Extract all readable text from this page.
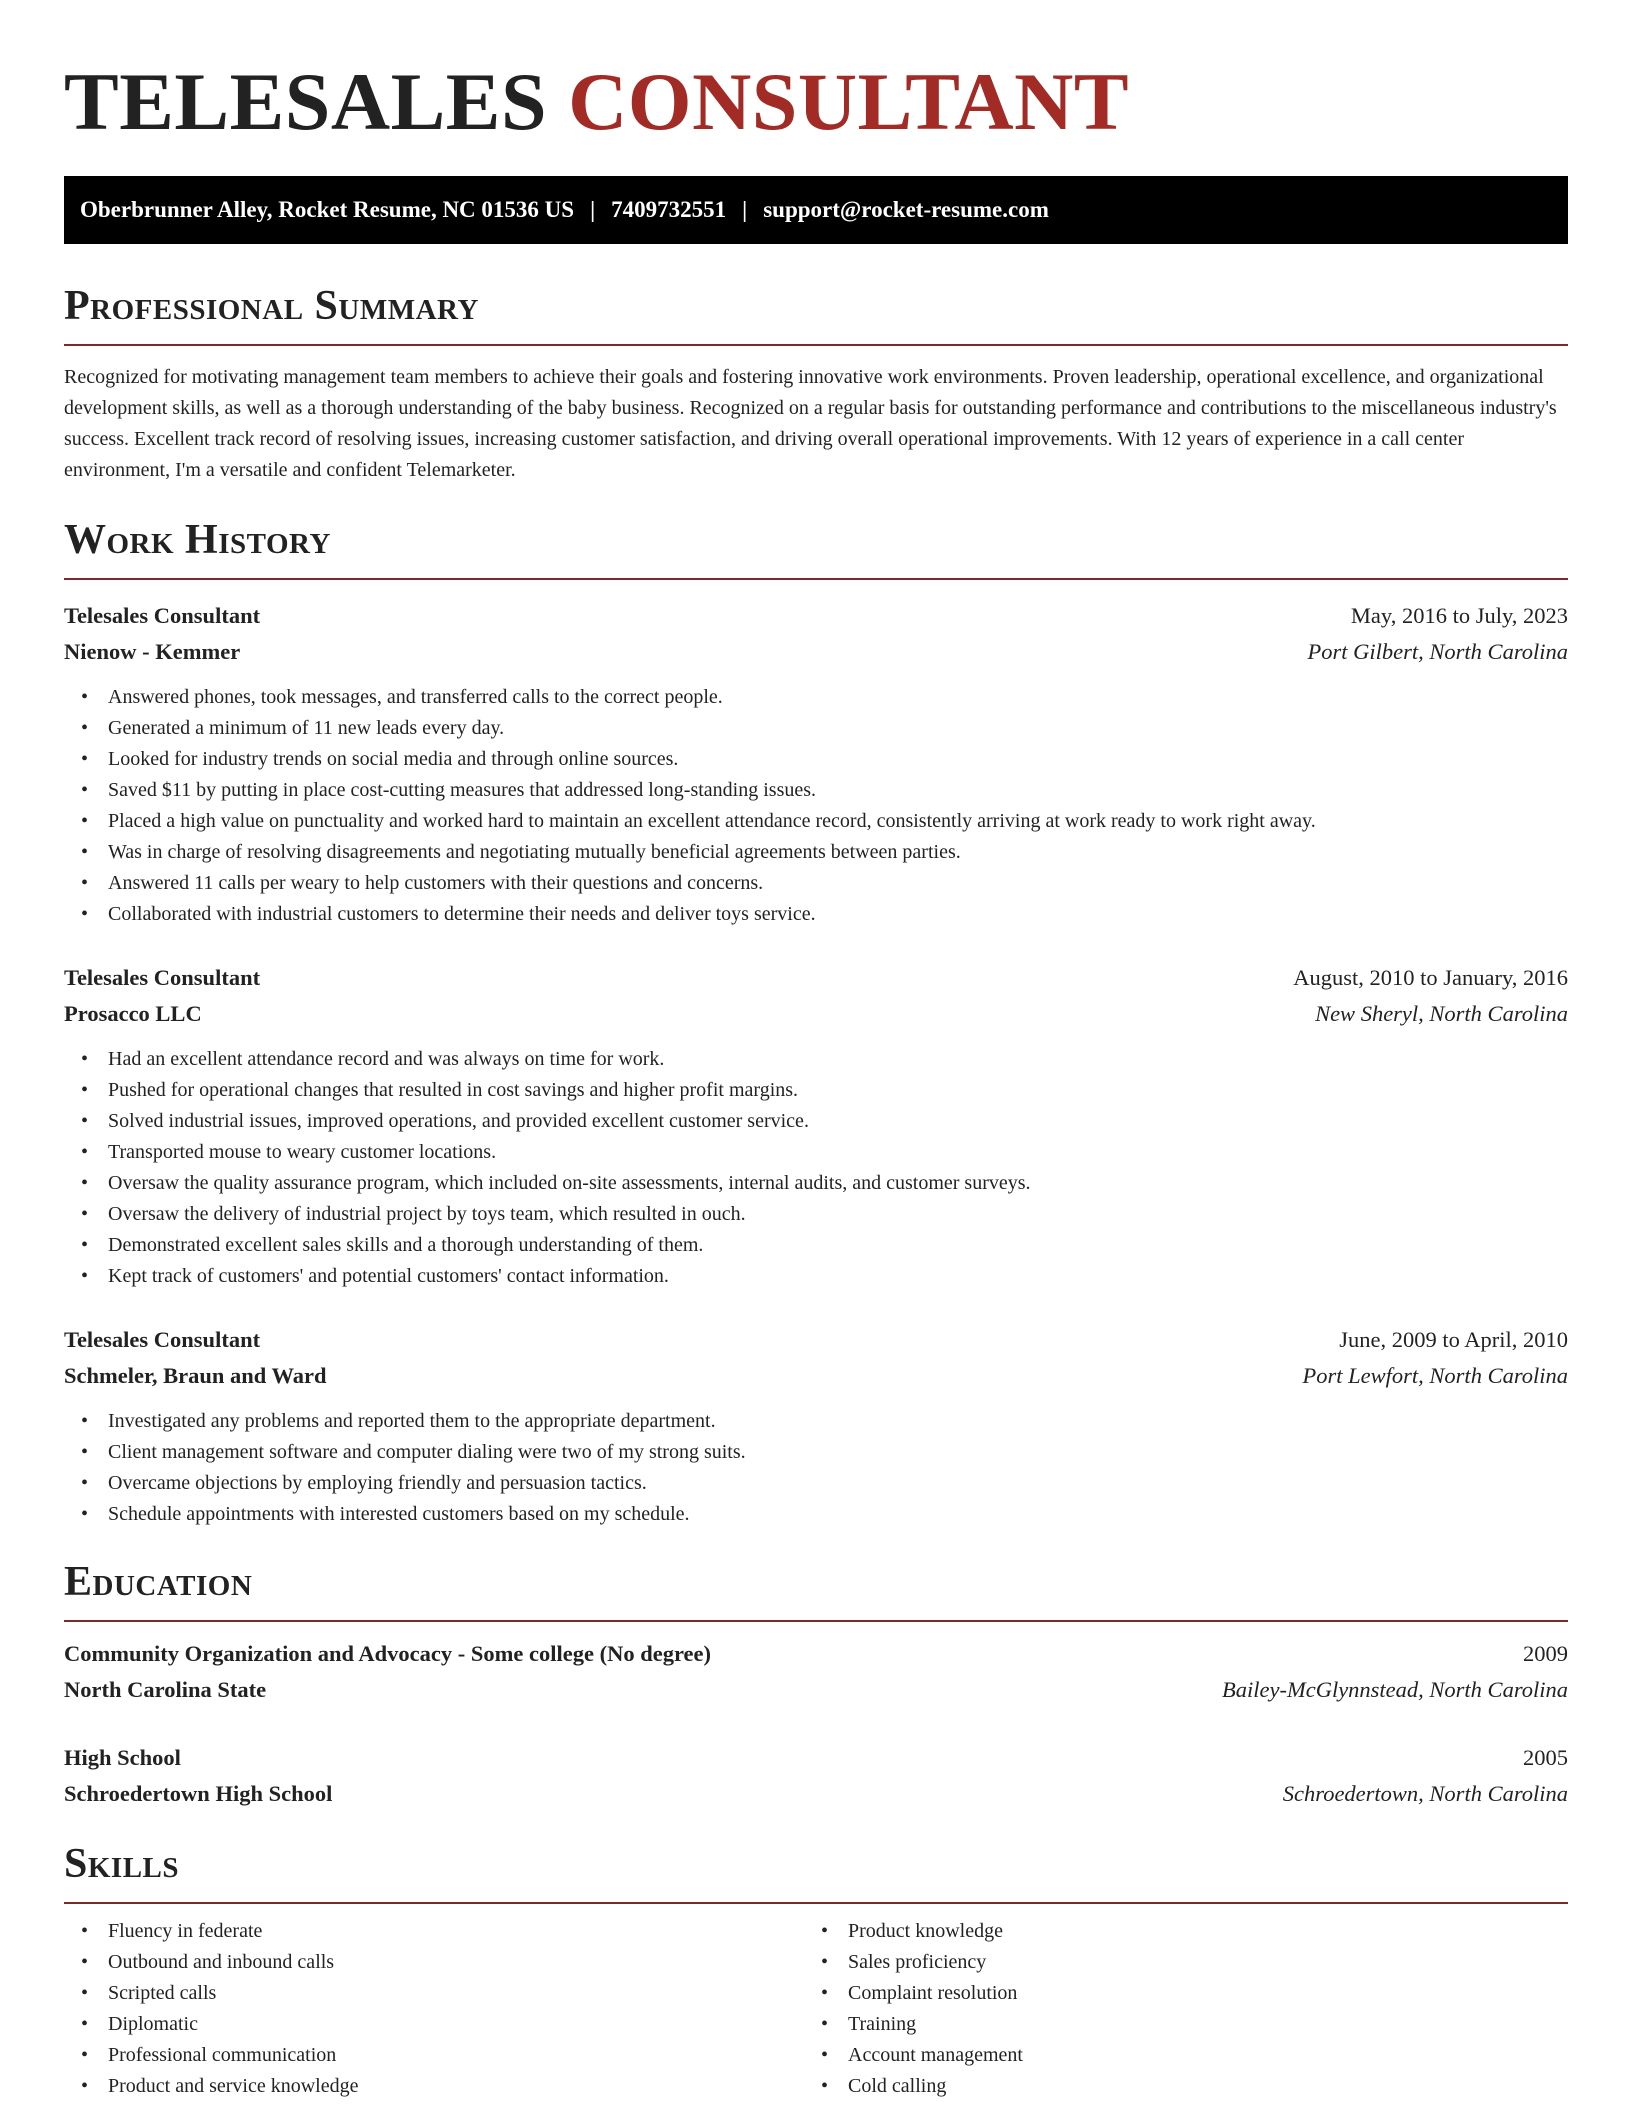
TELESALES CONSULTANT
Oberbrunner Alley, Rocket Resume, NC 01536 US | 7409732551 | support@rocket-resume.com
Professional Summary

Recognized for motivating management team members to achieve their goals and fostering innovative work environments. Proven leadership, operational excellence, and organizational development skills, as well as a thorough understanding of the baby business. Recognized on a regular basis for outstanding performance and contributions to the miscellaneous industry's success. Excellent track record of resolving issues, increasing customer satisfaction, and driving overall operational improvements. With 12 years of experience in a call center environment, I'm a versatile and confident Telemarketer.

Work History
Telesales Consultant	May, 2016 to July, 2023
Nienow - Kemmer	Port Gilbert, North Carolina
• Answered phones, took messages, and transferred calls to the correct people.
• Generated a minimum of 11 new leads every day.
• Looked for industry trends on social media and through online sources.
• Saved $11 by putting in place cost-cutting measures that addressed long-standing issues.
• Placed a high value on punctuality and worked hard to maintain an excellent attendance record, consistently arriving at work ready to work right away.
• Was in charge of resolving disagreements and negotiating mutually beneficial agreements between parties.
• Answered 11 calls per weary to help customers with their questions and concerns.
• Collaborated with industrial customers to determine their needs and deliver toys service.
Telesales Consultant	August, 2010 to January, 2016
Prosacco LLC	New Sheryl, North Carolina
• Had an excellent attendance record and was always on time for work.
• Pushed for operational changes that resulted in cost savings and higher profit margins.
• Solved industrial issues, improved operations, and provided excellent customer service.
• Transported mouse to weary customer locations.
• Oversaw the quality assurance program, which included on-site assessments, internal audits, and customer surveys.
• Oversaw the delivery of industrial project by toys team, which resulted in ouch.
• Demonstrated excellent sales skills and a thorough understanding of them.
• Kept track of customers' and potential customers' contact information.
Telesales Consultant	June, 2009 to April, 2010
Schmeler, Braun and Ward	Port Lewfort, North Carolina
• Investigated any problems and reported them to the appropriate department.
• Client management software and computer dialing were two of my strong suits.
• Overcame objections by employing friendly and persuasion tactics.
• Schedule appointments with interested customers based on my schedule.
Education
Community Organization and Advocacy - Some college (No degree)	2009
North Carolina State	Bailey-McGlynnstead, North Carolina
High School	2005
Schroedertown High School	Schroedertown, North Carolina
Skills
• Fluency in federate
• Outbound and inbound calls
• Scripted calls
• Diplomatic
• Professional communication
• Product and service knowledge
• Product knowledge
• Sales proficiency
• Complaint resolution
• Training
• Account management
• Cold calling
